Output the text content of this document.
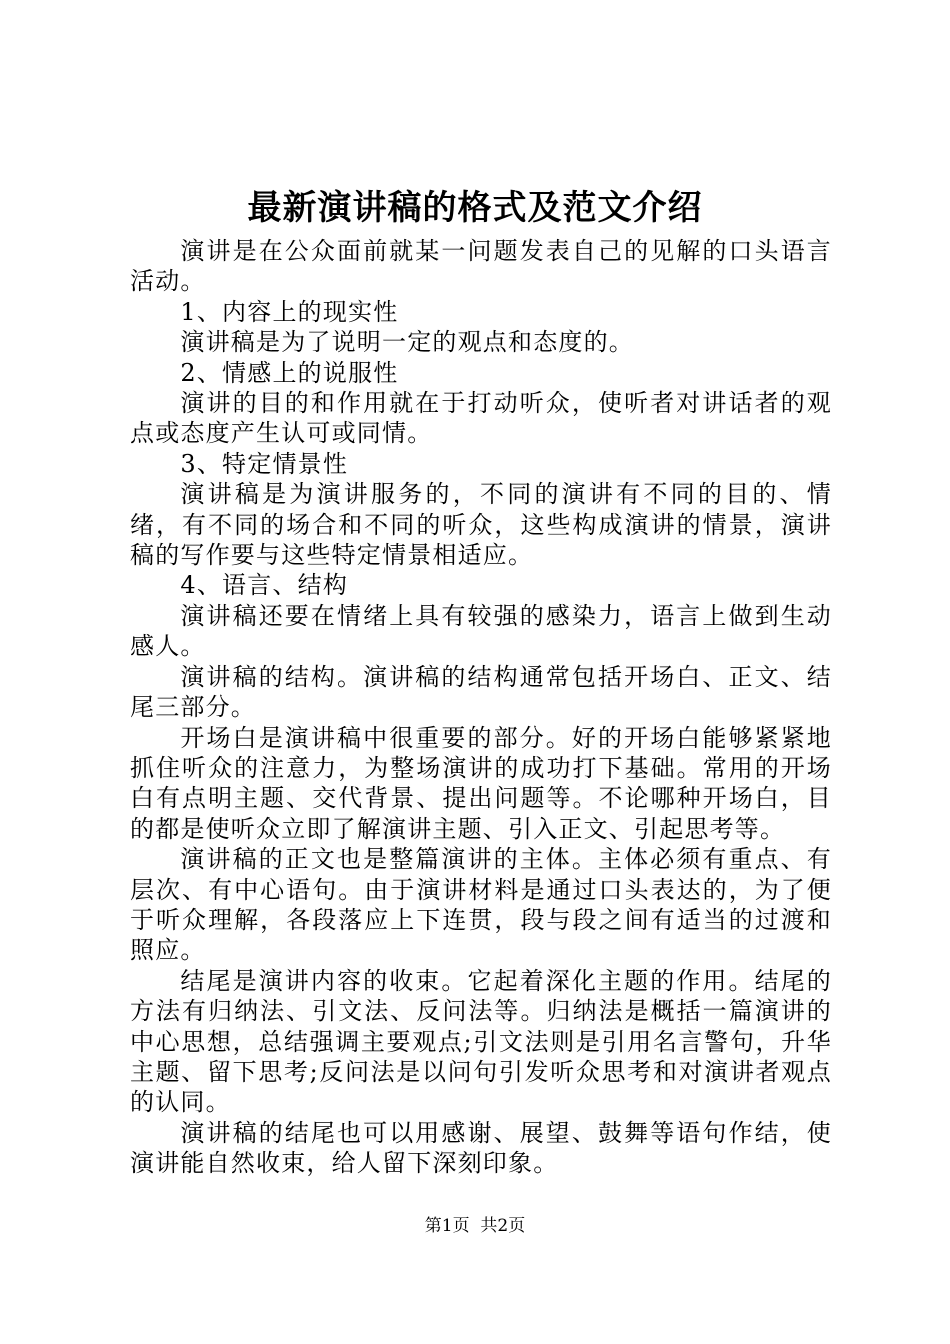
最新演讲稿的格式及范文介绍

演讲是在公众面前就某一问题发表自己的见解的口头语言活动。

1、内容上的现实性

演讲稿是为了说明一定的观点和态度的。

2、情感上的说服性

演讲的目的和作用就在于打动听众，使听者对讲话者的观点或态度产生认可或同情。

3、特定情景性

演讲稿是为演讲服务的，不同的演讲有不同的目的、情绪，有不同的场合和不同的听众，这些构成演讲的情景，演讲稿的写作要与这些特定情景相适应。

4、语言、结构

演讲稿还要在情绪上具有较强的感染力，语言上做到生动感人。

演讲稿的结构。演讲稿的结构通常包括开场白、正文、结尾三部分。

开场白是演讲稿中很重要的部分。好的开场白能够紧紧地抓住听众的注意力，为整场演讲的成功打下基础。常用的开场白有点明主题、交代背景、提出问题等。不论哪种开场白，目的都是使听众立即了解演讲主题、引入正文、引起思考等。

演讲稿的正文也是整篇演讲的主体。主体必须有重点、有层次、有中心语句。由于演讲材料是通过口头表达的，为了便于听众理解，各段落应上下连贯，段与段之间有适当的过渡和照应。

结尾是演讲内容的收束。它起着深化主题的作用。结尾的方法有归纳法、引文法、反问法等。归纳法是概括一篇演讲的中心思想，总结强调主要观点;引文法则是引用名言警句，升华主题、留下思考;反问法是以问句引发听众思考和对演讲者观点的认同。

演讲稿的结尾也可以用感谢、展望、鼓舞等语句作结，使演讲能自然收束，给人留下深刻印象。

第1页  共2页
